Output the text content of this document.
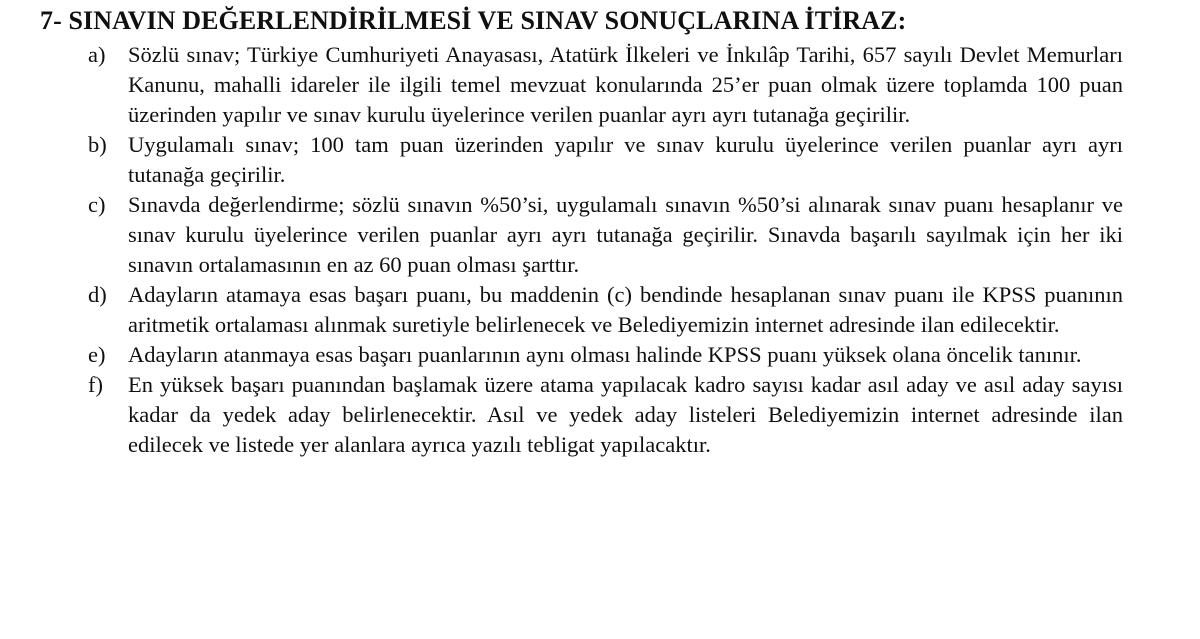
7- SINAVIN DEĞERLENDİRİLMESİ VE SINAV SONUÇLARINA İTİRAZ:
a) Sözlü sınav; Türkiye Cumhuriyeti Anayasası, Atatürk İlkeleri ve İnkılâp Tarihi, 657 sayılı Devlet Memurları Kanunu, mahalli idareler ile ilgili temel mevzuat konularında 25’er puan olmak üzere toplamda 100 puan üzerinden yapılır ve sınav kurulu üyelerince verilen puanlar ayrı ayrı tutanağa geçirilir.
b) Uygulamalı sınav; 100 tam puan üzerinden yapılır ve sınav kurulu üyelerince verilen puanlar ayrı ayrı tutanağa geçirilir.
c) Sınavda değerlendirme; sözlü sınavın %50’si, uygulamalı sınavın %50’si alınarak sınav puanı hesaplanır ve sınav kurulu üyelerince verilen puanlar ayrı ayrı tutanağa geçirilir. Sınavda başarılı sayılmak için her iki sınavın ortalamasının en az 60 puan olması şarttır.
d) Adayların atamaya esas başarı puanı, bu maddenin (c) bendinde hesaplanan sınav puanı ile KPSS puanının aritmetik ortalaması alınmak suretiyle belirlenecek ve Belediyemizin internet adresinde ilan edilecektir.
e) Adayların atanmaya esas başarı puanlarının aynı olması halinde KPSS puanı yüksek olana öncelik tanınır.
f) En yüksek başarı puanından başlamak üzere atama yapılacak kadro sayısı kadar asıl aday ve asıl aday sayısı kadar da yedek aday belirlenecektir. Asıl ve yedek aday listeleri Belediyemizin internet adresinde ilan edilecek ve listede yer alanlara ayrıca yazılı tebligat yapılacaktır.
